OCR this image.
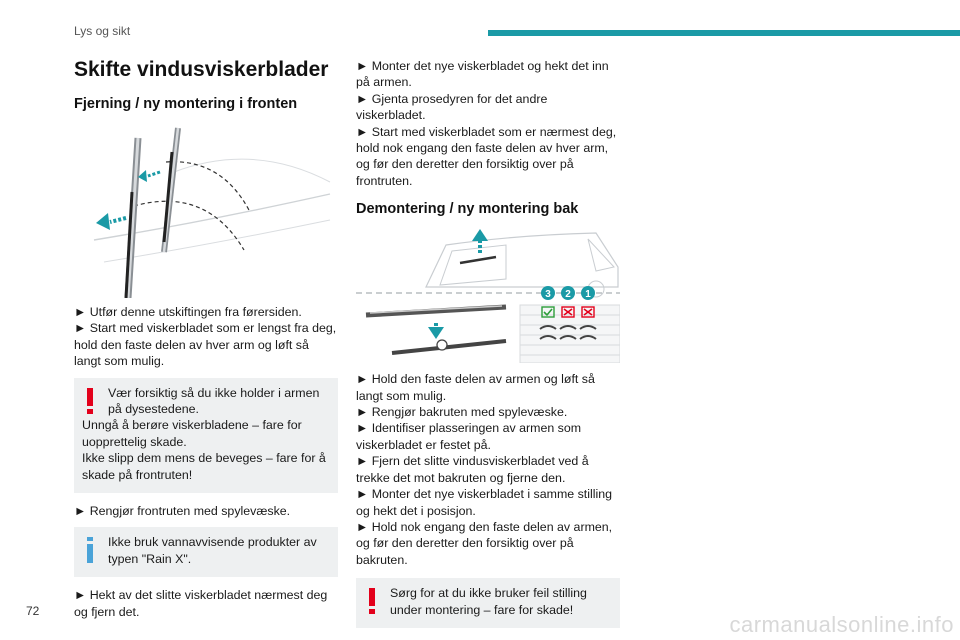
Lys og sikt
Skifte vindusviskerblader
Fjerning / ny montering i fronten

► Utfør denne utskiftingen fra førersiden.

► Start med viskerbladet som er lengst fra deg, hold den faste delen av hver arm og løft så langt som mulig.

Vær forsiktig så du ikke holder i armen
på dysestedene.
Unngå å berøre viskerbladene – fare for
uopprettelig skade.
Ikke slipp dem mens de beveges – fare for å
skade på frontruten!

► Rengjør frontruten med spylevæske.

Ikke bruk vannavvisende produkter av
typen "Rain X".

► Hekt av det slitte viskerbladet nærmest deg og fjern det.

► Monter det nye viskerbladet og hekt det inn på armen.

► Gjenta prosedyren for det andre viskerbladet.

► Start med viskerbladet som er nærmest deg, hold nok engang den faste delen av hver arm, og før den deretter den forsiktig over på frontruten.

Demontering / ny montering bak
3 2 1

► Hold den faste delen av armen og løft så langt som mulig.

► Rengjør bakruten med spylevæske.

► Identifiser plasseringen av armen som viskerbladet er festet på.

► Fjern det slitte vindusviskerbladet ved å trekke det mot bakruten og fjerne den.

► Monter det nye viskerbladet i samme stilling og hekt det i posisjon.

► Hold nok engang den faste delen av armen, og før den deretter den forsiktig over på bakruten.

Sørg for at du ikke bruker feil stilling
under montering – fare for skade!
72
carmanualsonline.info
